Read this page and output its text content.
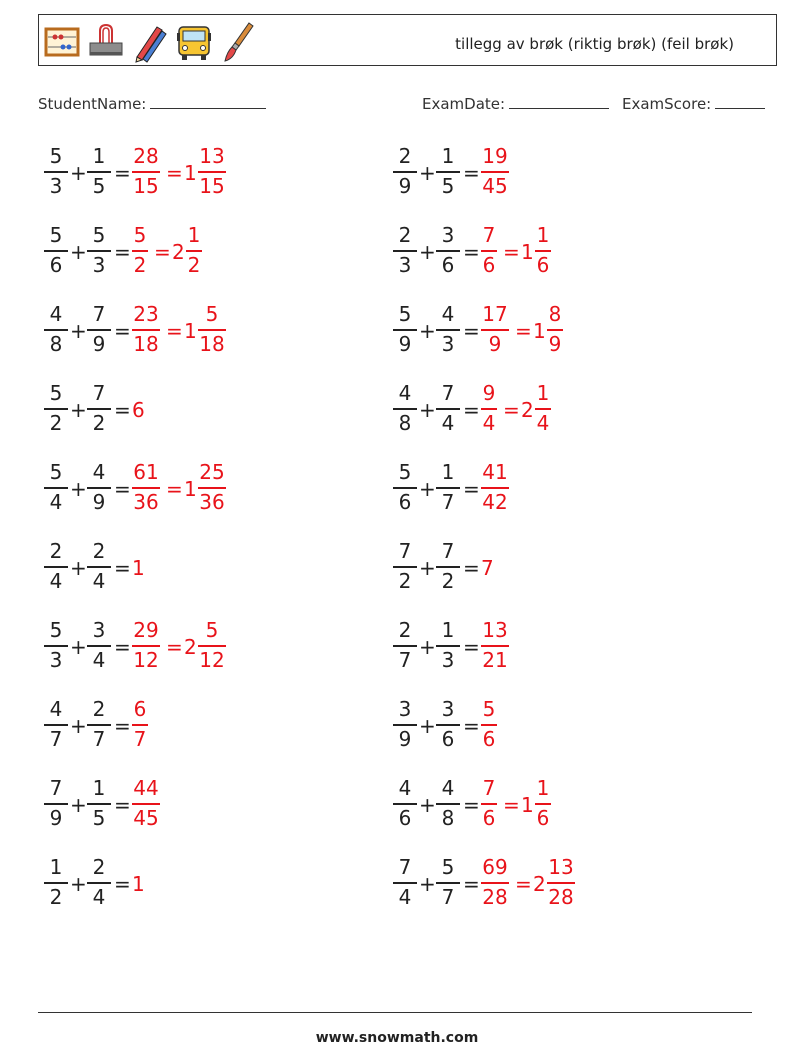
tillegg av brøk (riktig brøk) (feil brøk)
StudentName:	ExamDate:	ExamScore:
5
3
+
1
5
=
28
15
= 1
13
15
2
9
+
1
5
=
19
45
5
6
+
5
3
=
5
2
= 2
1
2
2
3
+
3
6
=
7
6
= 1
1
6
4
8
+
7
9
=
23
18
= 1
5
18
5
9
+
4
3
=
17
9
= 1
8
9
5
2
+
7
2
= 6
4
8
+
7
4
=
9
4
= 2
1
4
5
4
+
4
9
=
61
36
= 1
25
36
5
6
+
1
7
=
41
42
2
4
+
2
4
= 1
7
2
+
7
2
= 7
5
3
+
3
4
=
29
12
= 2
5
12
2
7
+
1
3
=
13
21
4
7
+
2
7
=
6
7
3
9
+
3
6
=
5
6
7
9
+
1
5
=
44
45
4
6
+
4
8
=
7
6
= 1
1
6
1
2
+
2
4
= 1
7
4
+
5
7
=
69
28
= 2
13
28
www.snowmath.com
